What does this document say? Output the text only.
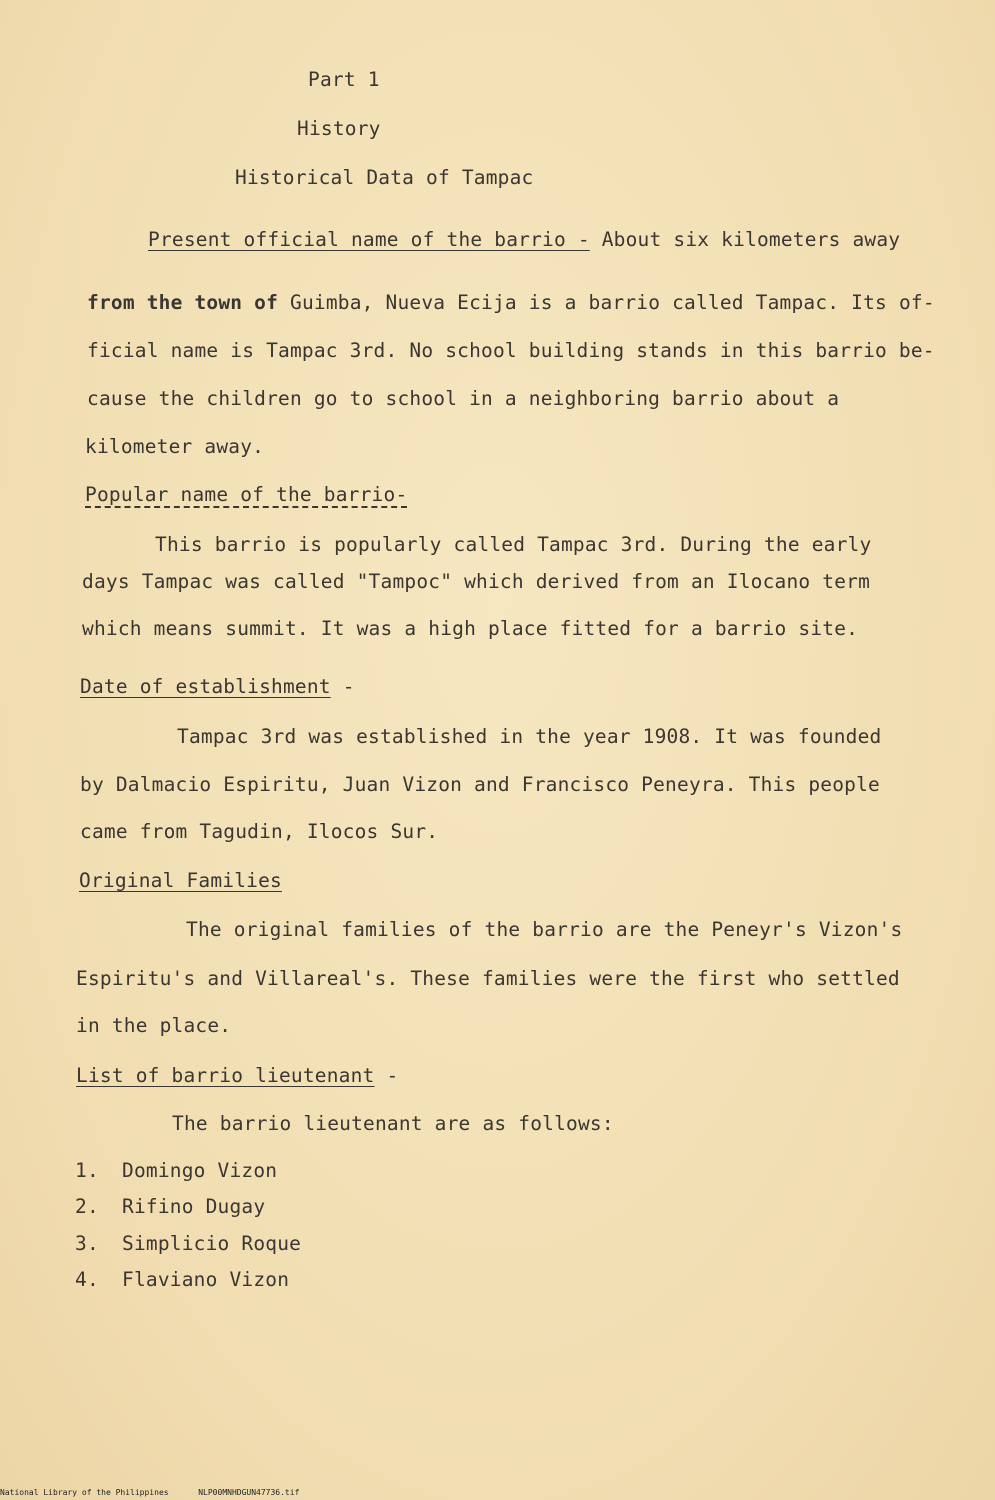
Part 1
History
Historical Data of Tampac
Present official name of the barrio - About six kilometers away
from the town of Guimba, Nueva Ecija is a barrio called Tampac. Its of-
ficial name is Tampac 3rd. No school building stands in this barrio be-
cause the children go to school in a neighboring barrio about a
kilometer away.
Popular name of the barrio-
This barrio is popularly called Tampac 3rd. During the early
days Tampac was called "Tampoc" which derived from an Ilocano term
which means summit. It was a high place fitted for a barrio site.
Date of establishment -
Tampac 3rd was established in the year 1908. It was founded
by Dalmacio Espiritu, Juan Vizon and Francisco Peneyra. This people
came from Tagudin, Ilocos Sur.
Original Families
The original families of the barrio are the Peneyr's Vizon's
Espiritu's and Villareal's. These families were the first who settled
in the place.
List of barrio lieutenant -
The barrio lieutenant are as follows:
1. Domingo Vizon
2. Rifino Dugay
3. Simplicio Roque
4. Flaviano Vizon
National Library of the Philippines	NLP00MNHDGUN47736.tif
